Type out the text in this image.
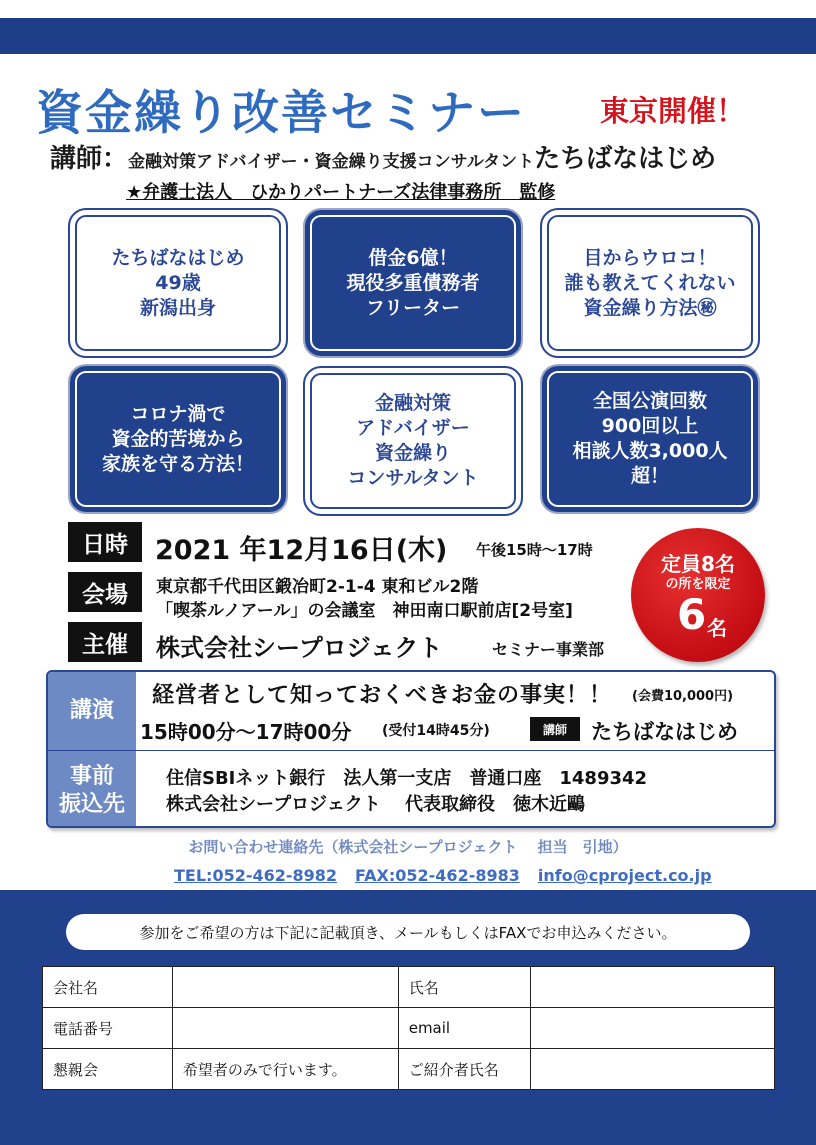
資金繰り改善セミナー	東京開催！
講師：金融対策アドバイザー・資金繰り支援コンサルタントたちばなはじめ
★弁護士法人　ひかりパートナーズ法律事務所　監修
たちばなはじめ
49歳
新潟出身
借金6億！
現役多重債務者
フリーター
目からウロコ！
誰も教えてくれない
資金繰り方法㊙
コロナ渦で
資金的苦境から
家族を守る方法！
金融対策
アドバイザー
資金繰り
コンサルタント
全国公演回数
900回以上
相談人数3,000人
超！
日時	2021 年12月16日(木) 午後15時～17時
会場	東京都千代田区鍛冶町2-1-4 東和ビル2階
「喫茶ルノアール」の会議室　神田南口駅前店[2号室]
主催	株式会社シープロジェクト	セミナー事業部
定員8名
の所を限定
6 名
講演
事前
振込先
経営者として知っておくべきお金の事実！！ (会費10,000円)
15時00分～17時00分 (受付14時45分)	講師	たちばなはじめ
住信SBIネット銀行　法人第一支店　普通口座　1489342
株式会社シープロジェクト　 代表取締役　徳木近鷗
お問い合わせ連絡先（株式会社シープロジェクト　 担当　引地）
TEL:052-462-8982 FAX:052-462-8983 info@cproject.co.jp
参加をご希望の方は下記に記載頂き、メールもしくはFAXでお申込みください。
会社名		氏名	
電話番号		email	
懇親会	希望者のみで行います。	ご紹介者氏名	
